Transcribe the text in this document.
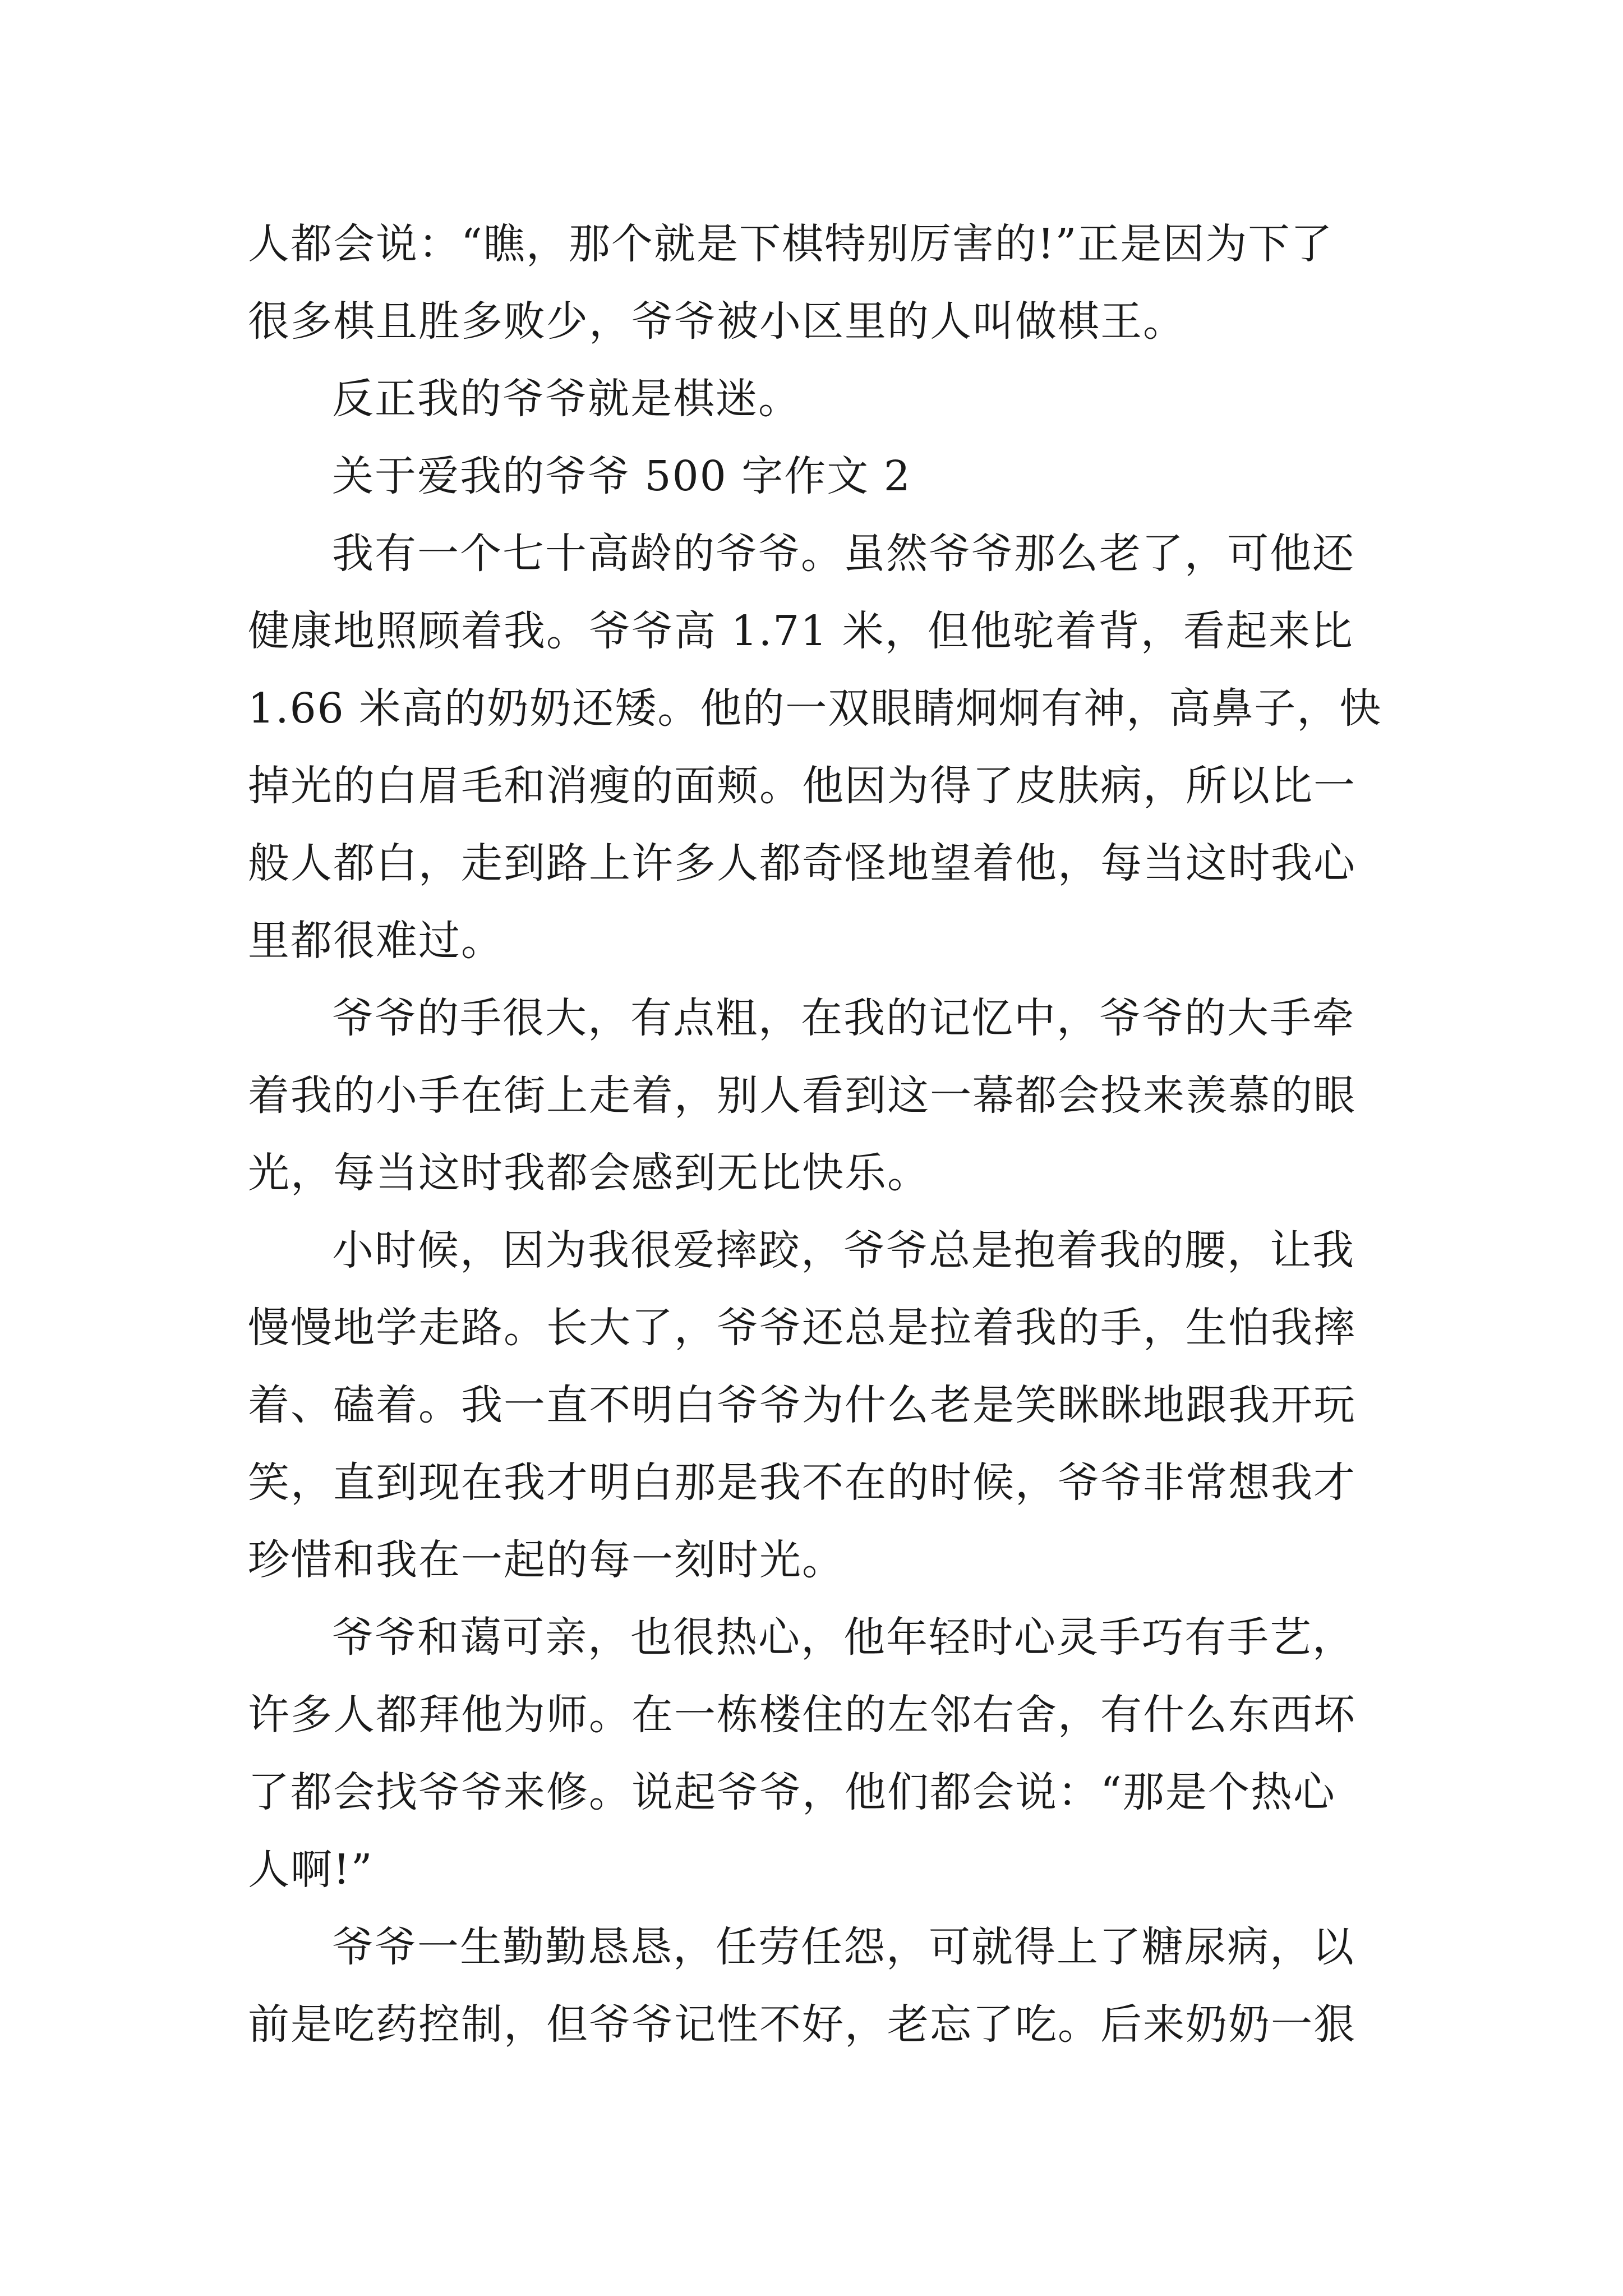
人都会说：“瞧，那个就是下棋特别厉害的!”正是因为下了
很多棋且胜多败少，爷爷被小区里的人叫做棋王。
反正我的爷爷就是棋迷。
关于爱我的爷爷 500 字作文 2
我有一个七十高龄的爷爷。虽然爷爷那么老了，可他还
健康地照顾着我。爷爷高 1.71 米，但他驼着背，看起来比
1.66 米高的奶奶还矮。他的一双眼睛炯炯有神，高鼻子，快
掉光的白眉毛和消瘦的面颊。他因为得了皮肤病，所以比一
般人都白，走到路上许多人都奇怪地望着他，每当这时我心
里都很难过。
爷爷的手很大，有点粗，在我的记忆中，爷爷的大手牵
着我的小手在街上走着，别人看到这一幕都会投来羡慕的眼
光，每当这时我都会感到无比快乐。
小时候，因为我很爱摔跤，爷爷总是抱着我的腰，让我
慢慢地学走路。长大了，爷爷还总是拉着我的手，生怕我摔
着、磕着。我一直不明白爷爷为什么老是笑眯眯地跟我开玩
笑，直到现在我才明白那是我不在的时候，爷爷非常想我才
珍惜和我在一起的每一刻时光。
爷爷和蔼可亲，也很热心，他年轻时心灵手巧有手艺，
许多人都拜他为师。在一栋楼住的左邻右舍，有什么东西坏
了都会找爷爷来修。说起爷爷，他们都会说：“那是个热心
人啊!”
爷爷一生勤勤恳恳，任劳任怨，可就得上了糖尿病，以
前是吃药控制，但爷爷记性不好，老忘了吃。后来奶奶一狠
